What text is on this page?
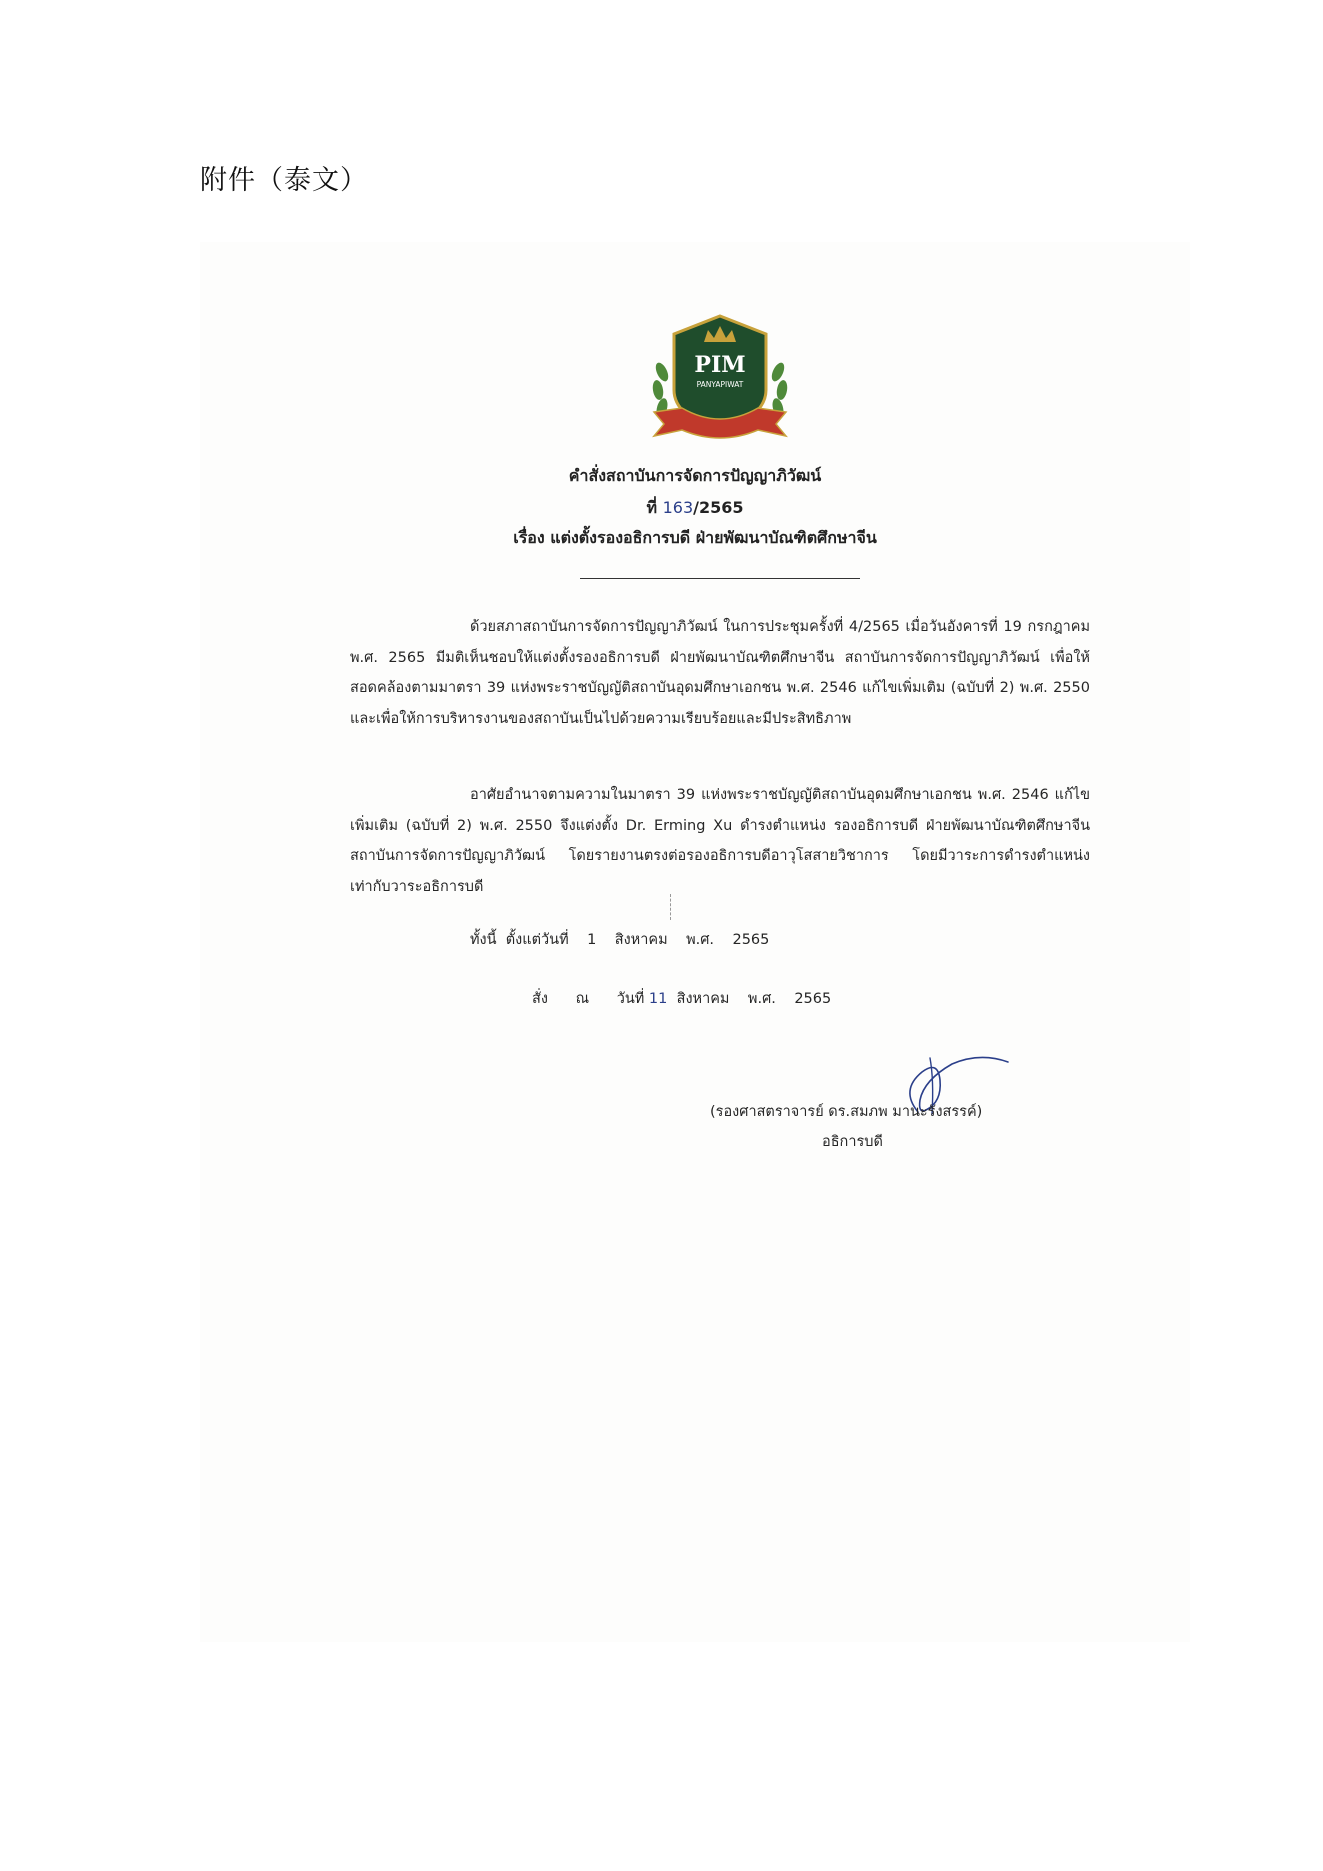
附件（泰文）
PIM
PANYAPIWAT
คำสั่งสถาบันการจัดการปัญญาภิวัฒน์
ที่ 163/2565
เรื่อง แต่งตั้งรองอธิการบดี ฝ่ายพัฒนาบัณฑิตศึกษาจีน
ด้วยสภาสถาบันการจัดการปัญญาภิวัฒน์ ในการประชุมครั้งที่ 4/2565 เมื่อวันอังคารที่ 19 กรกฎาคม พ.ศ. 2565 มีมติเห็นชอบให้แต่งตั้งรองอธิการบดี ฝ่ายพัฒนาบัณฑิตศึกษาจีน สถาบันการจัดการปัญญาภิวัฒน์ เพื่อให้สอดคล้องตามมาตรา 39 แห่งพระราชบัญญัติสถาบันอุดมศึกษาเอกชน พ.ศ. 2546 แก้ไขเพิ่มเติม (ฉบับที่ 2) พ.ศ. 2550 และเพื่อให้การบริหารงานของสถาบันเป็นไปด้วยความเรียบร้อยและมีประสิทธิภาพ
อาศัยอำนาจตามความในมาตรา 39 แห่งพระราชบัญญัติสถาบันอุดมศึกษาเอกชน พ.ศ. 2546 แก้ไขเพิ่มเติม (ฉบับที่ 2) พ.ศ. 2550 จึงแต่งตั้ง Dr. Erming Xu ดำรงตำแหน่ง รองอธิการบดี ฝ่ายพัฒนาบัณฑิตศึกษาจีน สถาบันการจัดการปัญญาภิวัฒน์ โดยรายงานตรงต่อรองอธิการบดีอาวุโสสายวิชาการ โดยมีวาระการดำรงตำแหน่งเท่ากับวาระอธิการบดี
ทั้งนี้  ตั้งแต่วันที่    1    สิงหาคม    พ.ศ.    2565
สั่ง      ณ      วันที่ 11  สิงหาคม    พ.ศ.    2565
(รองศาสตราจารย์ ดร.สมภพ มานะรังสรรค์)
อธิการบดี
